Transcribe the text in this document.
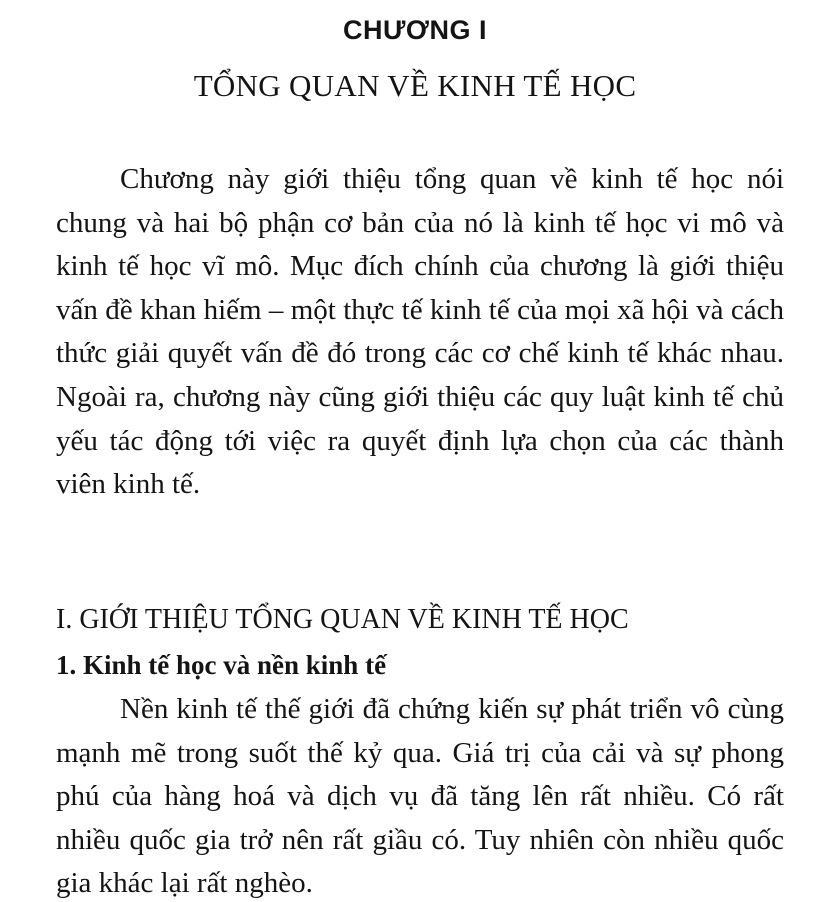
CHƯƠNG I
TỔNG QUAN VỀ KINH TẾ HỌC

Chương này giới thiệu tổng quan về kinh tế học nói chung và hai bộ phận cơ bản của nó là kinh tế học vi mô và kinh tế học vĩ mô. Mục đích chính của chương là giới thiệu vấn đề khan hiếm – một thực tế kinh tế của mọi xã hội và cách thức giải quyết vấn đề đó trong các cơ chế kinh tế khác nhau. Ngoài ra, chương này cũng giới thiệu các quy luật kinh tế chủ yếu tác động tới việc ra quyết định lựa chọn của các thành viên kinh tế.

I. GIỚI THIỆU TỔNG QUAN VỀ KINH TẾ HỌC
1. Kinh tế học và nền kinh tế

Nền kinh tế thế giới đã chứng kiến sự phát triển vô cùng mạnh mẽ trong suốt thế kỷ qua. Giá trị của cải và sự phong phú của hàng hoá và dịch vụ đã tăng lên rất nhiều. Có rất nhiều quốc gia trở nên rất giầu có. Tuy nhiên còn nhiều quốc gia khác lại rất nghèo.
